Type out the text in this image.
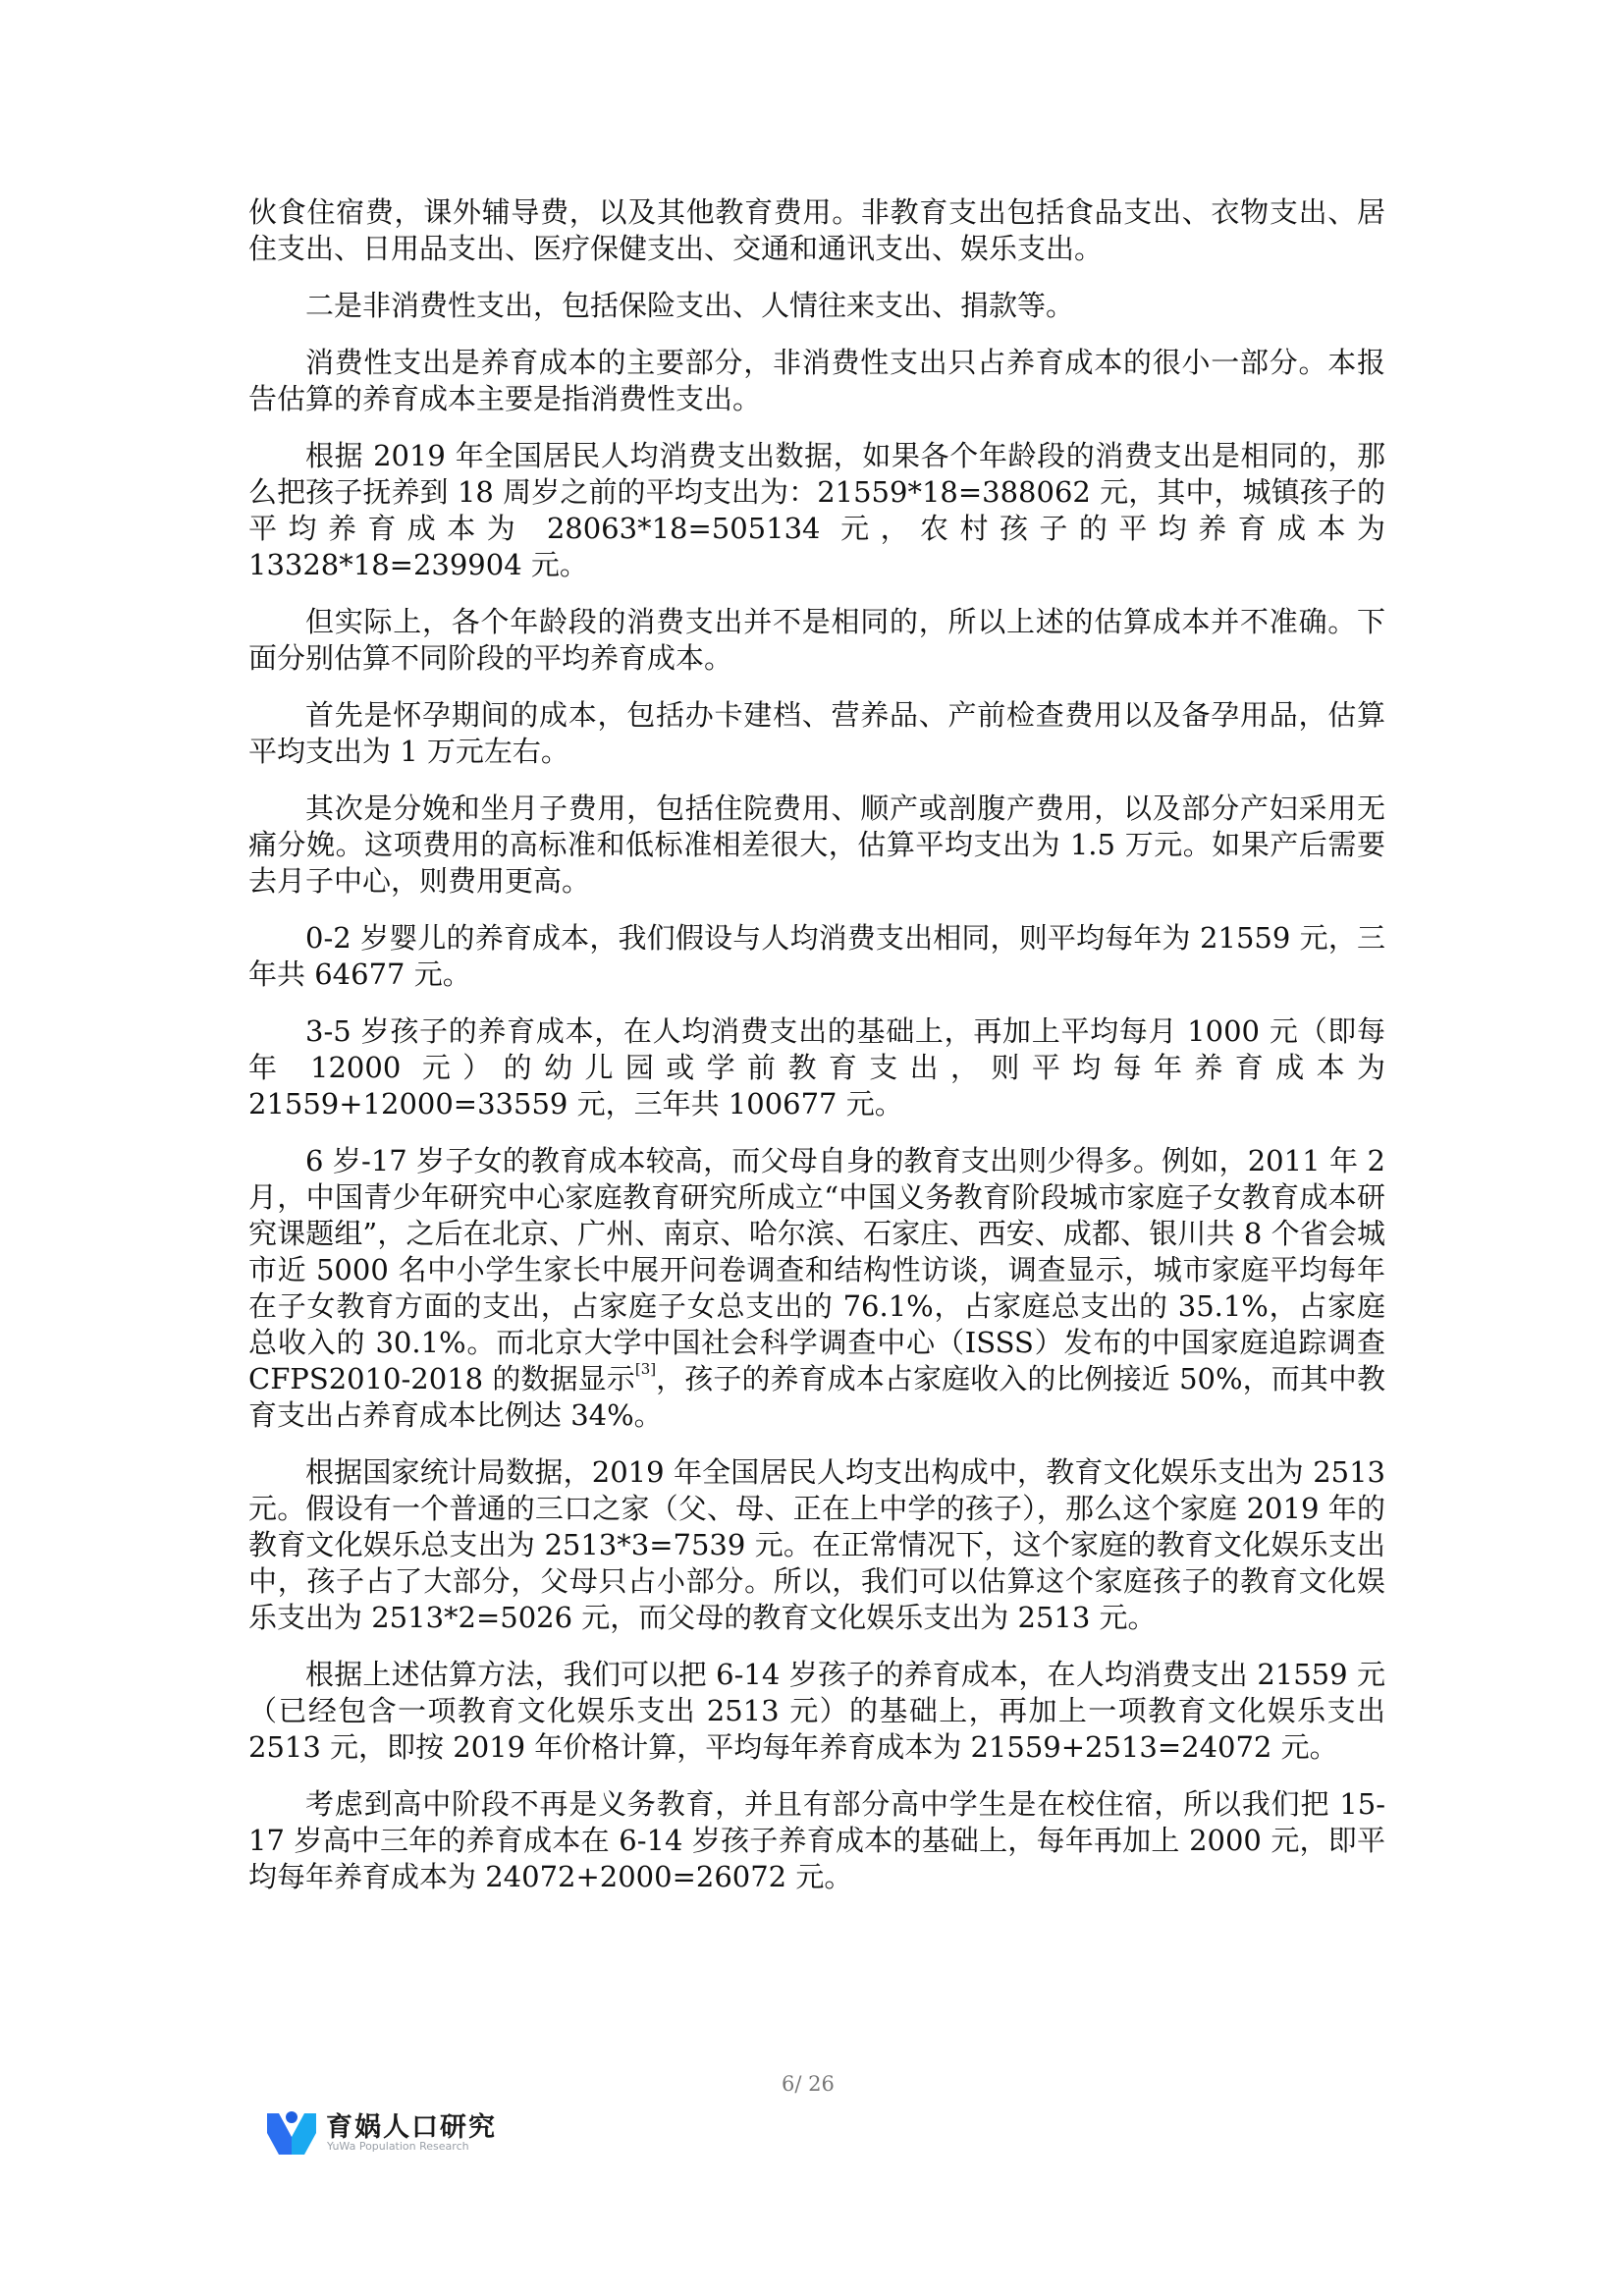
伙食住宿费，课外辅导费，以及其他教育费用。非教育支出包括食品支出、衣物支出、居住支出、日用品支出、医疗保健支出、交通和通讯支出、娱乐支出。

二是非消费性支出，包括保险支出、人情往来支出、捐款等。

消费性支出是养育成本的主要部分，非消费性支出只占养育成本的很小一部分。本报告估算的养育成本主要是指消费性支出。

根据 2019 年全国居民人均消费支出数据，如果各个年龄段的消费支出是相同的，那么把孩子抚养到 18 周岁之前的平均支出为：21559*18=388062 元，其中，城镇孩子的平均养育成本为 28063*18=505134 元，农村孩子的平均养育成本为 13328*18=239904 元。

但实际上，各个年龄段的消费支出并不是相同的，所以上述的估算成本并不准确。下面分别估算不同阶段的平均养育成本。

首先是怀孕期间的成本，包括办卡建档、营养品、产前检查费用以及备孕用品，估算平均支出为 1 万元左右。

其次是分娩和坐月子费用，包括住院费用、顺产或剖腹产费用，以及部分产妇采用无痛分娩。这项费用的高标准和低标准相差很大，估算平均支出为 1.5 万元。如果产后需要去月子中心，则费用更高。

0-2 岁婴儿的养育成本，我们假设与人均消费支出相同，则平均每年为 21559 元，三年共 64677 元。

3-5 岁孩子的养育成本，在人均消费支出的基础上，再加上平均每月 1000 元（即每年 12000 元）的幼儿园或学前教育支出，则平均每年养育成本为 21559+12000=33559 元，三年共 100677 元。

6 岁-17 岁子女的教育成本较高，而父母自身的教育支出则少得多。例如，2011 年 2 月，中国青少年研究中心家庭教育研究所成立“中国义务教育阶段城市家庭子女教育成本研究课题组”，之后在北京、广州、南京、哈尔滨、石家庄、西安、成都、银川共 8 个省会城市近 5000 名中小学生家长中展开问卷调查和结构性访谈，调查显示，城市家庭平均每年在子女教育方面的支出，占家庭子女总支出的 76.1%，占家庭总支出的 35.1%，占家庭总收入的 30.1%。而北京大学中国社会科学调查中心（ISSS）发布的中国家庭追踪调查 CFPS2010-2018 的数据显示[3]，孩子的养育成本占家庭收入的比例接近 50%，而其中教育支出占养育成本比例达 34%。

根据国家统计局数据，2019 年全国居民人均支出构成中，教育文化娱乐支出为 2513 元。假设有一个普通的三口之家（父、母、正在上中学的孩子），那么这个家庭 2019 年的教育文化娱乐总支出为 2513*3=7539 元。在正常情况下，这个家庭的教育文化娱乐支出中，孩子占了大部分，父母只占小部分。所以，我们可以估算这个家庭孩子的教育文化娱乐支出为 2513*2=5026 元，而父母的教育文化娱乐支出为 2513 元。

根据上述估算方法，我们可以把 6-14 岁孩子的养育成本，在人均消费支出 21559 元（已经包含一项教育文化娱乐支出 2513 元）的基础上，再加上一项教育文化娱乐支出 2513 元，即按 2019 年价格计算，平均每年养育成本为 21559+2513=24072 元。

考虑到高中阶段不再是义务教育，并且有部分高中学生是在校住宿，所以我们把 15-17 岁高中三年的养育成本在 6-14 岁孩子养育成本的基础上，每年再加上 2000 元，即平均每年养育成本为 24072+2000=26072 元。

6/ 26
育娲人口研究
YuWa Population Research
